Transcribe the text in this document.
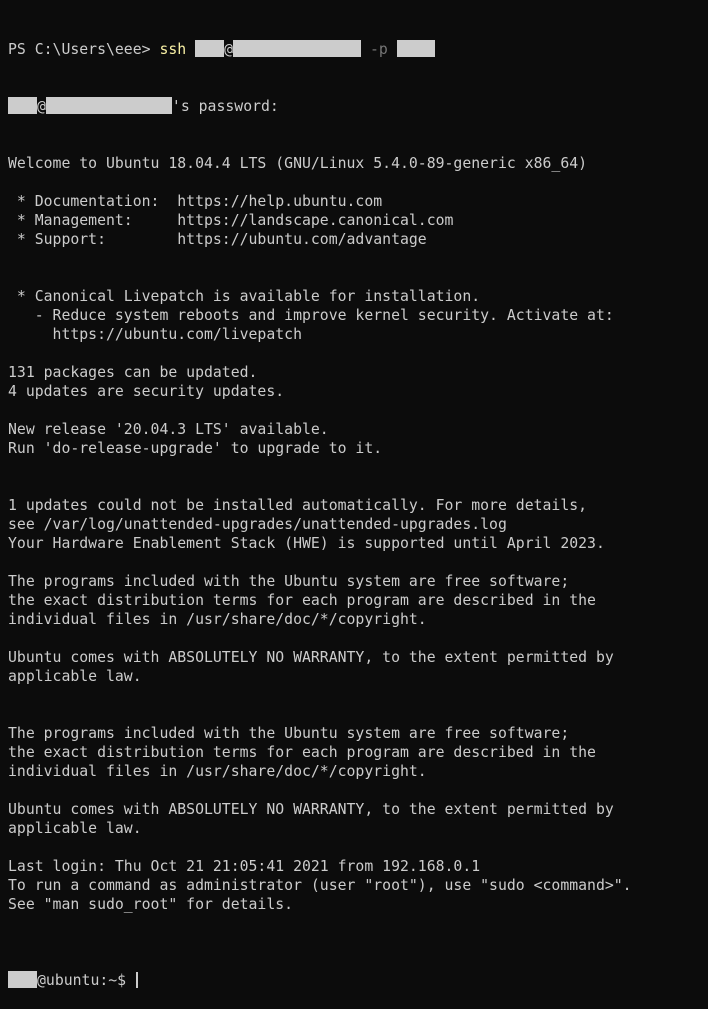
PS C:\Users\eee> ssh	@	-p

@	's password:

Welcome to Ubuntu 18.04.4 LTS (GNU/Linux 5.4.0-89-generic x86_64)
* Documentation:  https://help.ubuntu.com
* Management:     https://landscape.canonical.com
* Support:        https://ubuntu.com/advantage
* Canonical Livepatch is available for installation.
- Reduce system reboots and improve kernel security. Activate at:
https://ubuntu.com/livepatch
131 packages can be updated.
4 updates are security updates.
New release '20.04.3 LTS' available.
Run 'do-release-upgrade' to upgrade to it.
1 updates could not be installed automatically. For more details,
see /var/log/unattended-upgrades/unattended-upgrades.log
Your Hardware Enablement Stack (HWE) is supported until April 2023.
The programs included with the Ubuntu system are free software;
the exact distribution terms for each program are described in the
individual files in /usr/share/doc/*/copyright.
Ubuntu comes with ABSOLUTELY NO WARRANTY, to the extent permitted by
applicable law.
The programs included with the Ubuntu system are free software;
the exact distribution terms for each program are described in the
individual files in /usr/share/doc/*/copyright.
Ubuntu comes with ABSOLUTELY NO WARRANTY, to the extent permitted by
applicable law.
Last login: Thu Oct 21 21:05:41 2021 from 192.168.0.1
To run a command as administrator (user "root"), use "sudo <command>".
See "man sudo_root" for details.

@ubuntu:~$
